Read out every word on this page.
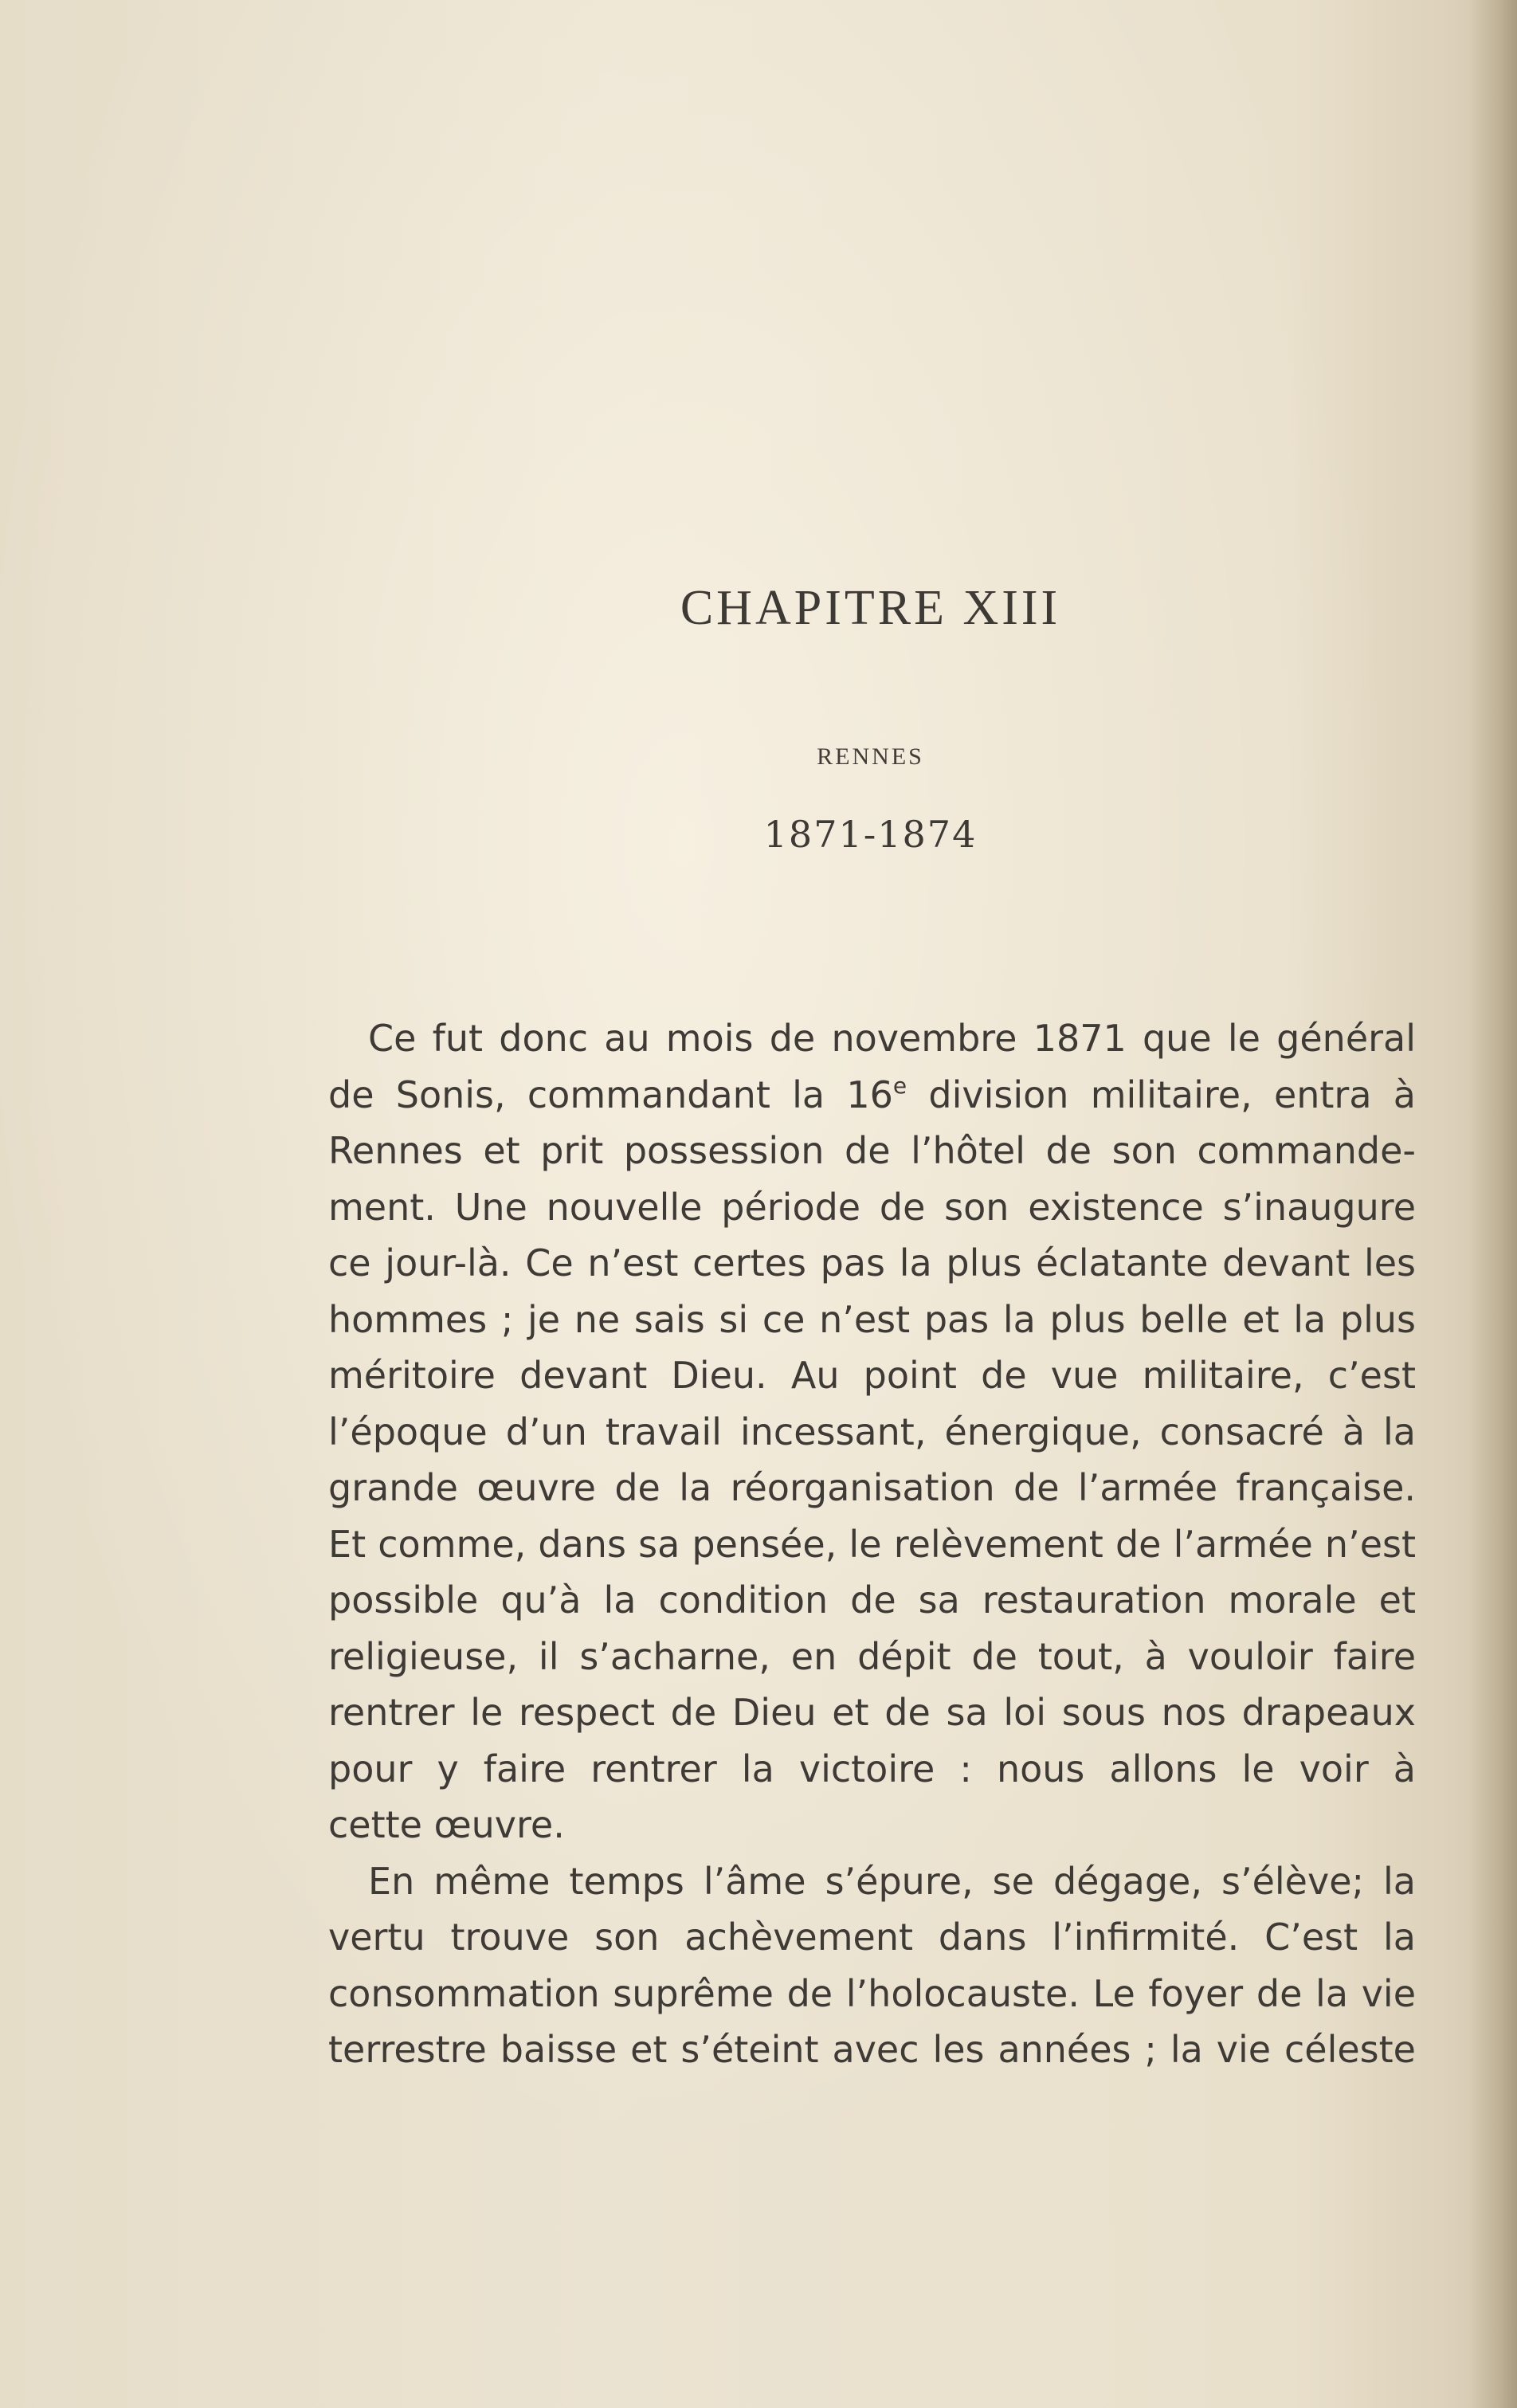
CHAPITRE XIII
RENNES
1871-1874
Ce fut donc au mois de novembre 1871 que le général
de Sonis, commandant la 16e division militaire, entra à
Rennes et prit possession de l’hôtel de son commande-
ment. Une nouvelle période de son existence s’inaugure
ce jour-là. Ce n’est certes pas la plus éclatante devant les
hommes ; je ne sais si ce n’est pas la plus belle et la plus
méritoire devant Dieu. Au point de vue militaire, c’est
l’époque d’un travail incessant, énergique, consacré à la
grande œuvre de la réorganisation de l’armée française.
Et comme, dans sa pensée, le relèvement de l’armée n’est
possible qu’à la condition de sa restauration morale et
religieuse, il s’acharne, en dépit de tout, à vouloir faire
rentrer le respect de Dieu et de sa loi sous nos drapeaux
pour y faire rentrer la victoire : nous allons le voir à
cette œuvre.
En même temps l’âme s’épure, se dégage, s’élève; la
vertu trouve son achèvement dans l’infirmité. C’est la
consommation suprême de l’holocauste. Le foyer de la vie
terrestre baisse et s’éteint avec les années ; la vie céleste
